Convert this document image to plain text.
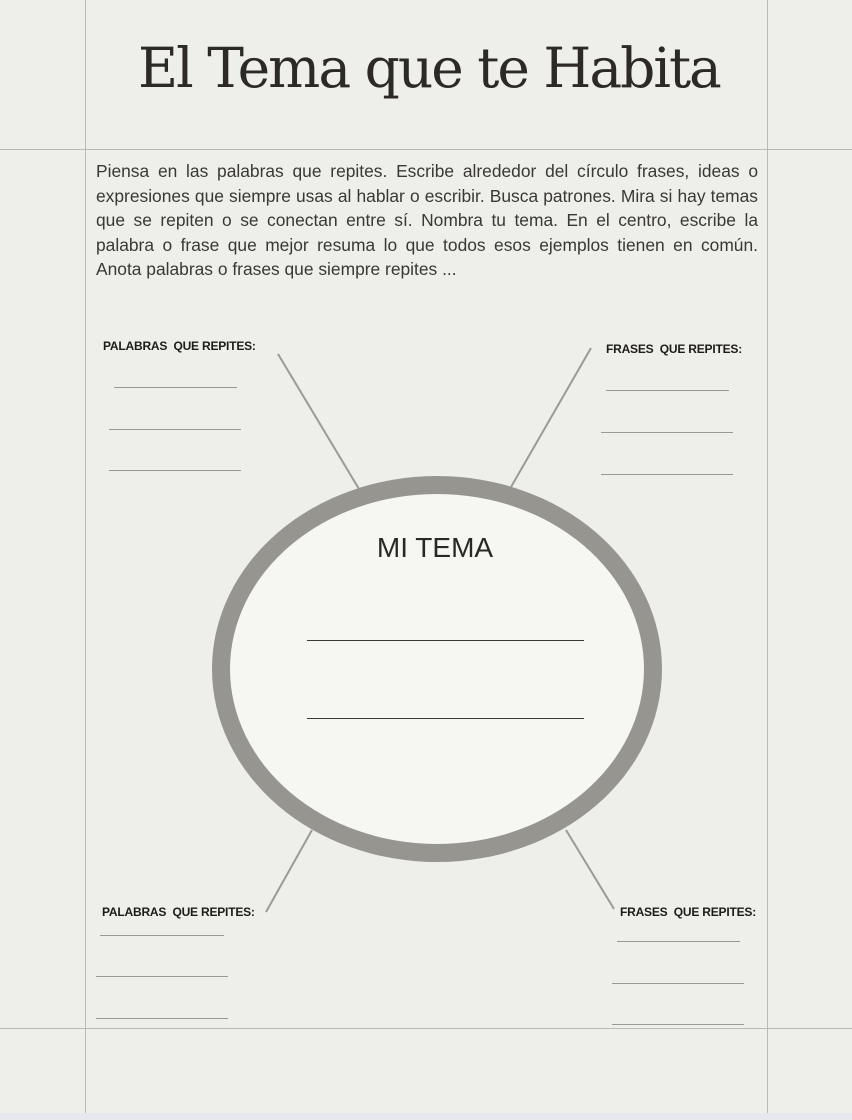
El Tema que te Habita

Piensa en las palabras que repites. Escribe alrededor del círculo frases, ideas o expresiones que siempre usas al hablar o escribir. Busca patrones. Mira si hay temas que se repiten o se conectan entre sí. Nombra tu tema. En el centro, escribe la palabra o frase que mejor resuma lo que todos esos ejemplos tienen en común. Anota palabras o frases que siempre repites ...

PALABRAS  QUE REPITES:	FRASES  QUE REPITES:
MI TEMA
PALABRAS  QUE REPITES:	FRASES  QUE REPITES:
